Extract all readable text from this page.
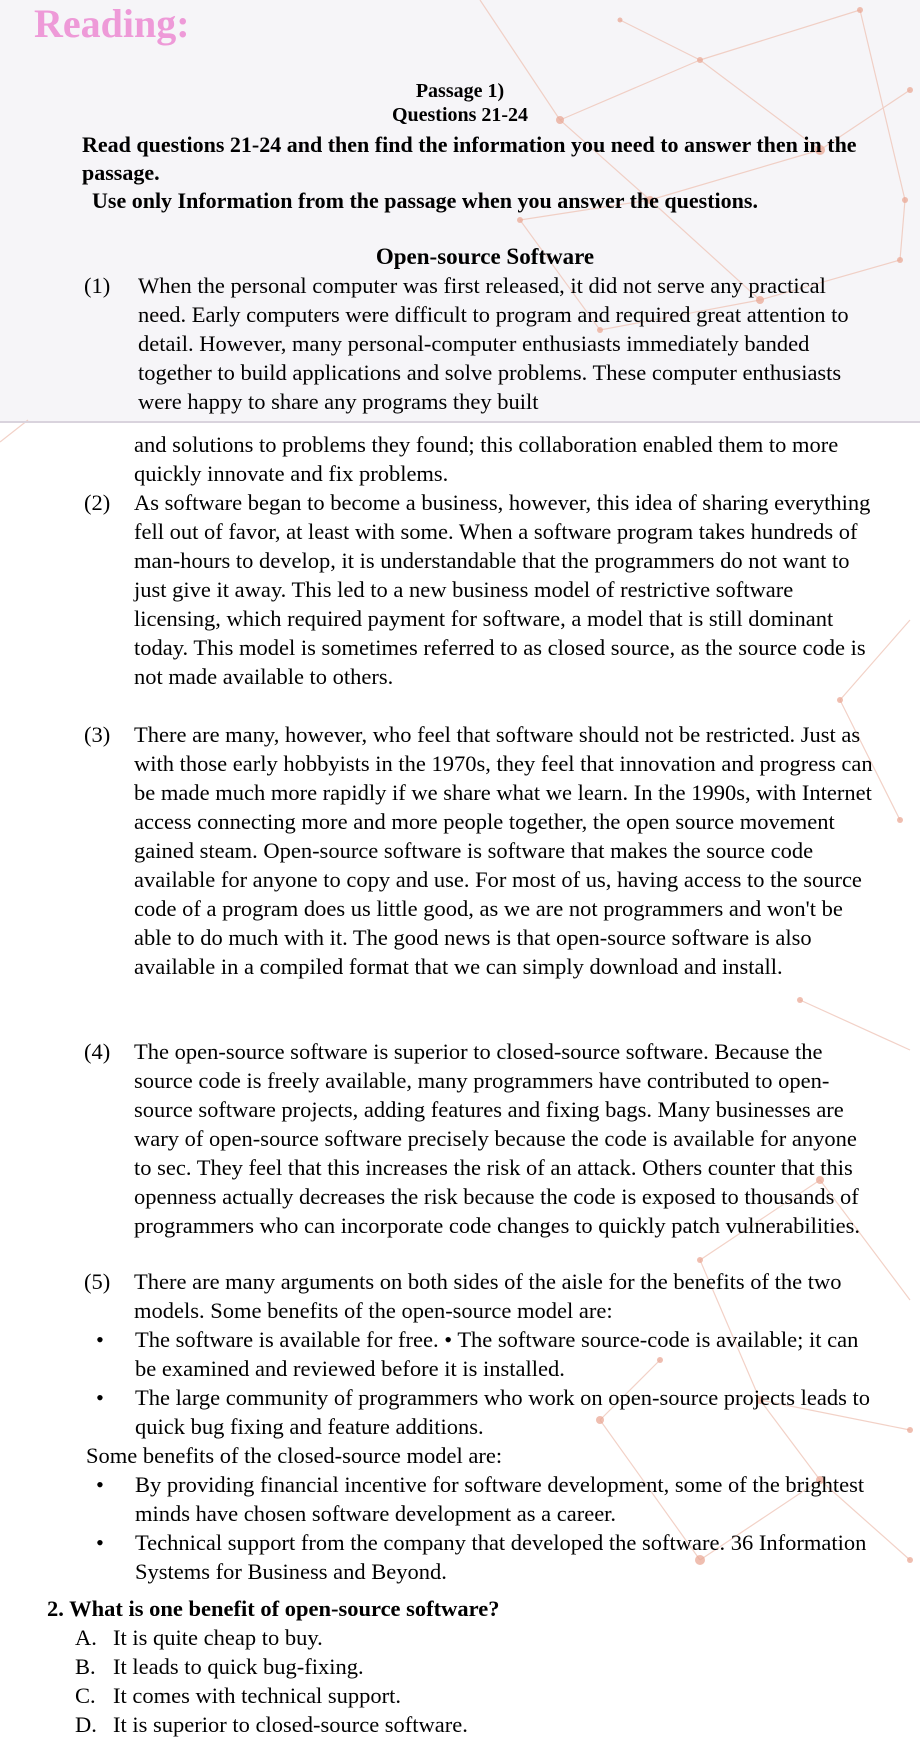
Reading:
Passage 1)
Questions 21-24
Read questions 21-24 and then find the information you need to answer then in the passage.
Use only Information from the passage when you answer the questions.
Open-source Software
(1)	When the personal computer was first released, it did not serve any practical need. Early computers were difficult to program and required great attention to detail. However, many personal-computer enthusiasts immediately banded together to build applications and solve problems. These computer enthusiasts were happy to share any programs they built
and solutions to problems they found; this collaboration enabled them to more quickly innovate and fix problems.
(2)	As software began to become a business, however, this idea of sharing everything fell out of favor, at least with some. When a software program takes hundreds of man-hours to develop, it is understandable that the programmers do not want to just give it away. This led to a new business model of restrictive software licensing, which required payment for software, a model that is still dominant today. This model is sometimes referred to as closed source, as the source code is not made available to others.
(3)	There are many, however, who feel that software should not be restricted. Just as with those early hobbyists in the 1970s, they feel that innovation and progress can be made much more rapidly if we share what we learn. In the 1990s, with Internet access connecting more and more people together, the open source movement gained steam. Open-source software is software that makes the source code available for anyone to copy and use. For most of us, having access to the source code of a program does us little good, as we are not programmers and won't be able to do much with it. The good news is that open-source software is also available in a compiled format that we can simply download and install.
(4)	The open-source software is superior to closed-source software. Because the source code is freely available, many programmers have contributed to open-source software projects, adding features and fixing bags. Many businesses are wary of open-source software precisely because the code is available for anyone to sec. They feel that this increases the risk of an attack. Others counter that this openness actually decreases the risk because the code is exposed to thousands of programmers who can incorporate code changes to quickly patch vulnerabilities.
(5)	There are many arguments on both sides of the aisle for the benefits of the two models. Some benefits of the open-source model are:
• The software is available for free. • The software source-code is available; it can be examined and reviewed before it is installed.
• The large community of programmers who work on open-source projects leads to quick bug fixing and feature additions.
Some benefits of the closed-source model are:
• By providing financial incentive for software development, some of the brightest minds have chosen software development as a career.
• Technical support from the company that developed the software. 36 Information Systems for Business and Beyond.
2. What is one benefit of open-source software?
A. It is quite cheap to buy.
B. It leads to quick bug-fixing.
C. It comes with technical support.
D. It is superior to closed-source software.
